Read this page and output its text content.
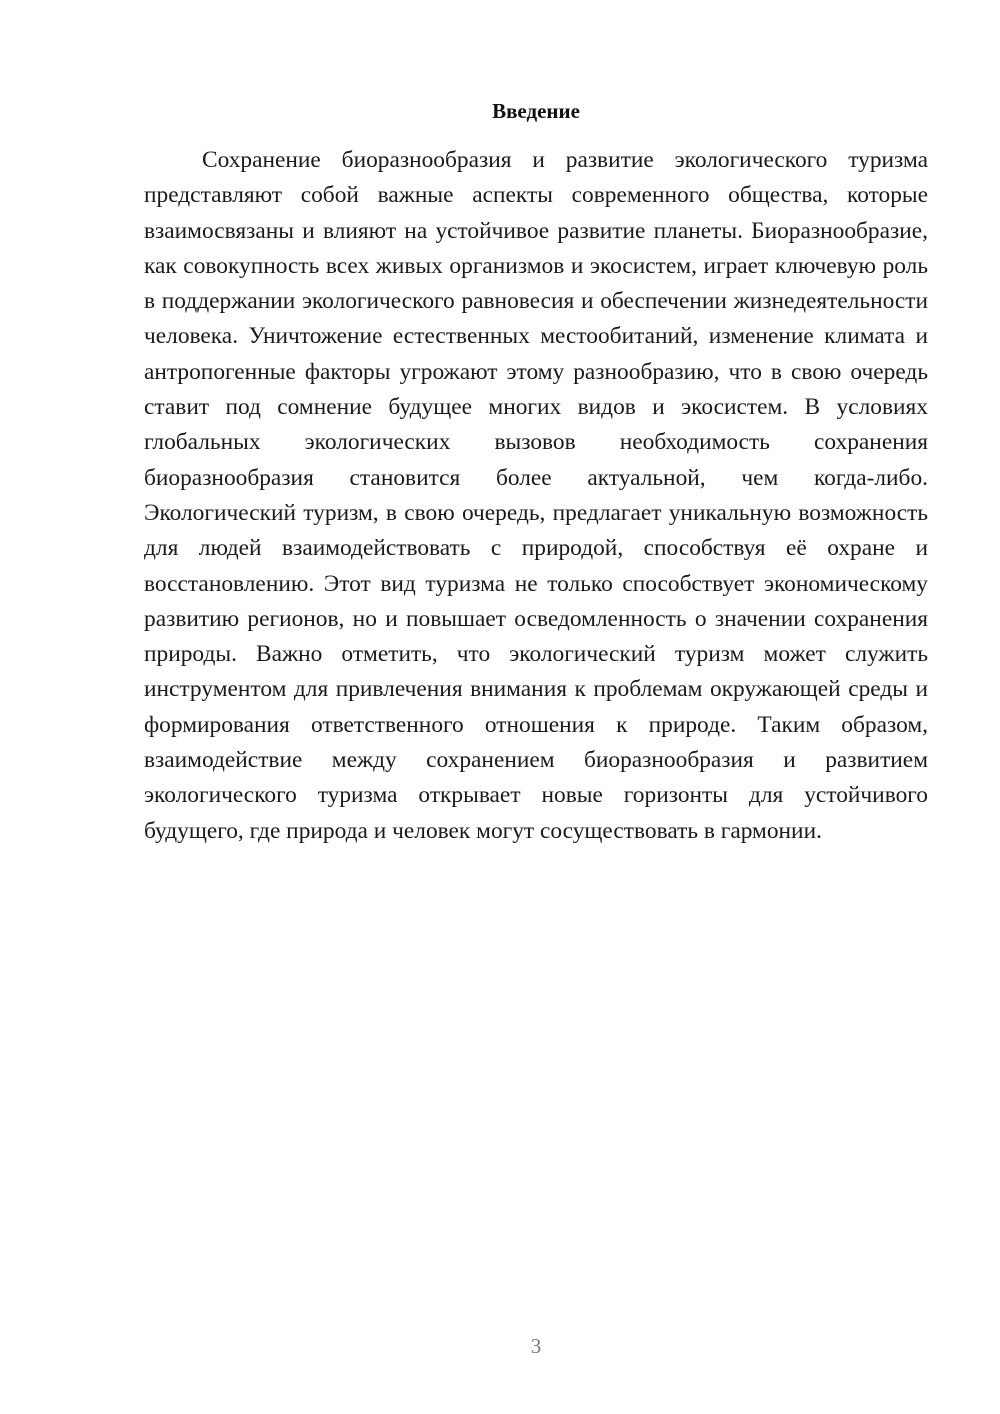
Введение

Сохранение биоразнообразия и развитие экологического туризма представляют собой важные аспекты современного общества, которые взаимосвязаны и влияют на устойчивое развитие планеты. Биоразнообразие, как совокупность всех живых организмов и экосистем, играет ключевую роль в поддержании экологического равновесия и обеспечении жизнедеятельности человека. Уничтожение естественных местообитаний, изменение климата и антропогенные факторы угрожают этому разнообразию, что в свою очередь ставит под сомнение будущее многих видов и экосистем. В условиях глобальных экологических вызовов необходимость сохранения биоразнообразия становится более актуальной, чем когда-либо. Экологический туризм, в свою очередь, предлагает уникальную возможность для людей взаимодействовать с природой, способствуя её охране и восстановлению. Этот вид туризма не только способствует экономическому развитию регионов, но и повышает осведомленность о значении сохранения природы. Важно отметить, что экологический туризм может служить инструментом для привлечения внимания к проблемам окружающей среды и формирования ответственного отношения к природе. Таким образом, взаимодействие между сохранением биоразнообразия и развитием экологического туризма открывает новые горизонты для устойчивого будущего, где природа и человек могут сосуществовать в гармонии.

3
